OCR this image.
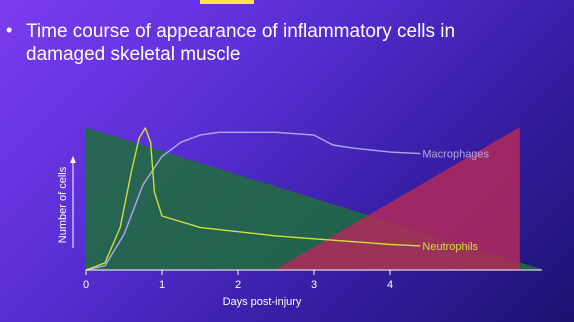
• Time course of appearance of inflammatory cells in damaged skeletal muscle
Macrophages
Neutrophils
0	1	2	3	4
Days post-injury
Number of cells
